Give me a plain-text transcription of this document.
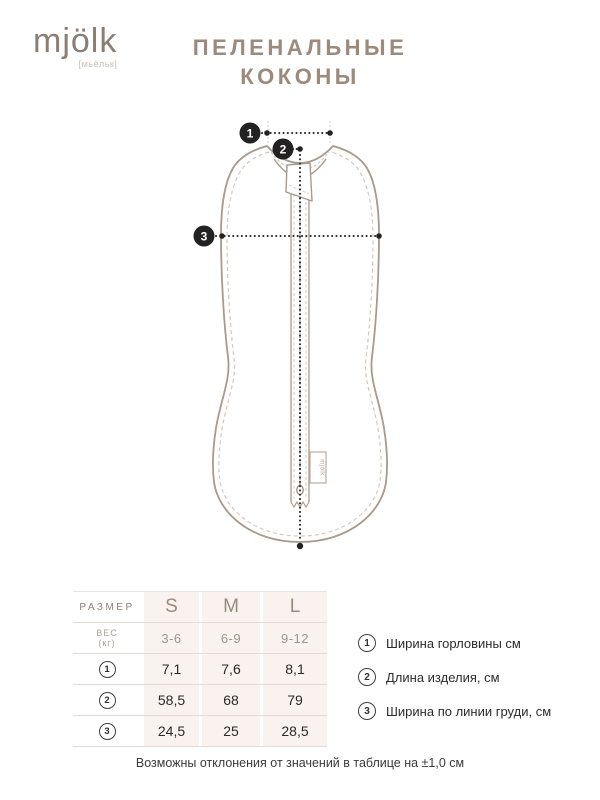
mjölk
[мьёльк]
ПЕЛЕНАЛЬНЫЕ
КОКОНЫ
mjölk
1
2
3
РАЗМЕР	S	M	L
ВЕС
(кг)	3-6	6-9	9-12
1	7,1	7,6	8,1
2	58,5	68	79
3	24,5	25	28,5
1	Ширина горловины см
2	Длина изделия, см
3	Ширина по линии груди, см
Возможны отклонения от значений в таблице на ±1,0 см
